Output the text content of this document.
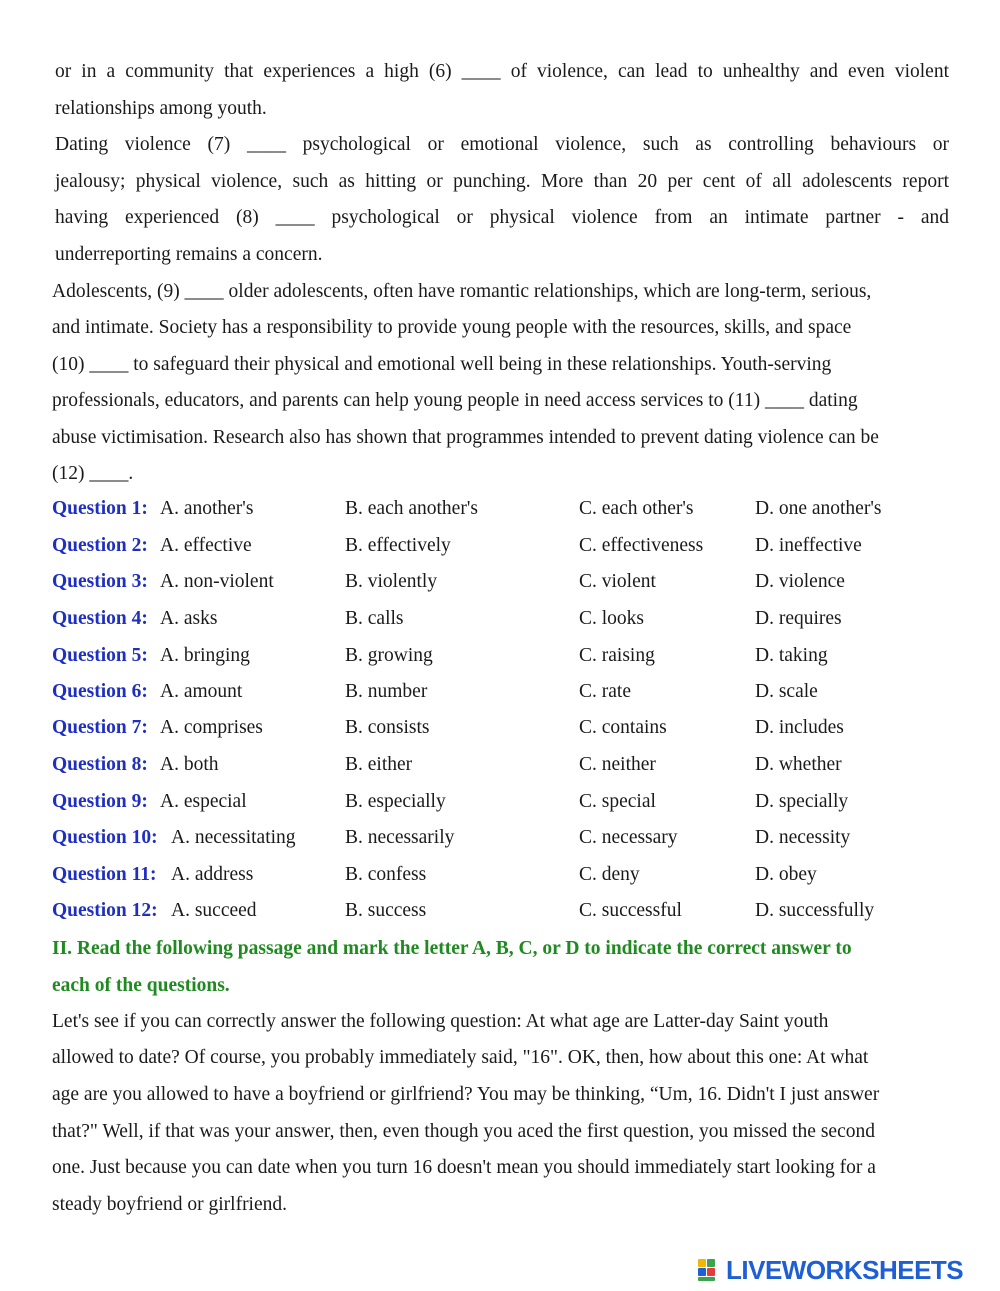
or in a community that experiences a high (6) ____ of violence, can lead to unhealthy and even violent
relationships among youth.
Dating violence (7) ____ psychological or emotional violence, such as controlling behaviours or
jealousy; physical violence, such as hitting or punching. More than 20 per cent of all adolescents report
having experienced (8) ____ psychological or physical violence from an intimate partner - and
underreporting remains a concern.
Adolescents, (9) ____ older adolescents, often have romantic relationships, which are long-term, serious,
and intimate. Society has a responsibility to provide young people with the resources, skills, and space
(10) ____ to safeguard their physical and emotional well being in these relationships. Youth-serving
professionals, educators, and parents can help young people in need access services to (11) ____ dating
abuse victimisation. Research also has shown that programmes intended to prevent dating violence can be
(12) ____.
Question 1: A. another's	B. each another's	C. each other's	D. one another's
Question 2: A. effective	B. effectively	C. effectiveness	D. ineffective
Question 3: A. non-violent	B. violently	C. violent	D. violence
Question 4: A. asks	B. calls	C. looks	D. requires
Question 5: A. bringing	B. growing	C. raising	D. taking
Question 6: A. amount	B. number	C. rate	D. scale
Question 7: A. comprises	B. consists	C. contains	D. includes
Question 8: A. both	B. either	C. neither	D. whether
Question 9: A. especial	B. especially	C. special	D. specially
Question 10: A. necessitating	B. necessarily	C. necessary	D. necessity
Question 11: A. address	B. confess	C. deny	D. obey
Question 12: A. succeed	B. success	C. successful	D. successfully
II. Read the following passage and mark the letter A, B, C, or D to indicate the correct answer to
each of the questions.
Let's see if you can correctly answer the following question: At what age are Latter-day Saint youth
allowed to date? Of course, you probably immediately said, "16". OK, then, how about this one: At what
age are you allowed to have a boyfriend or girlfriend? You may be thinking, “Um, 16. Didn't I just answer
that?" Well, if that was your answer, then, even though you aced the first question, you missed the second
one. Just because you can date when you turn 16 doesn't mean you should immediately start looking for a
steady boyfriend or girlfriend.
LIVEWORKSHEETS
